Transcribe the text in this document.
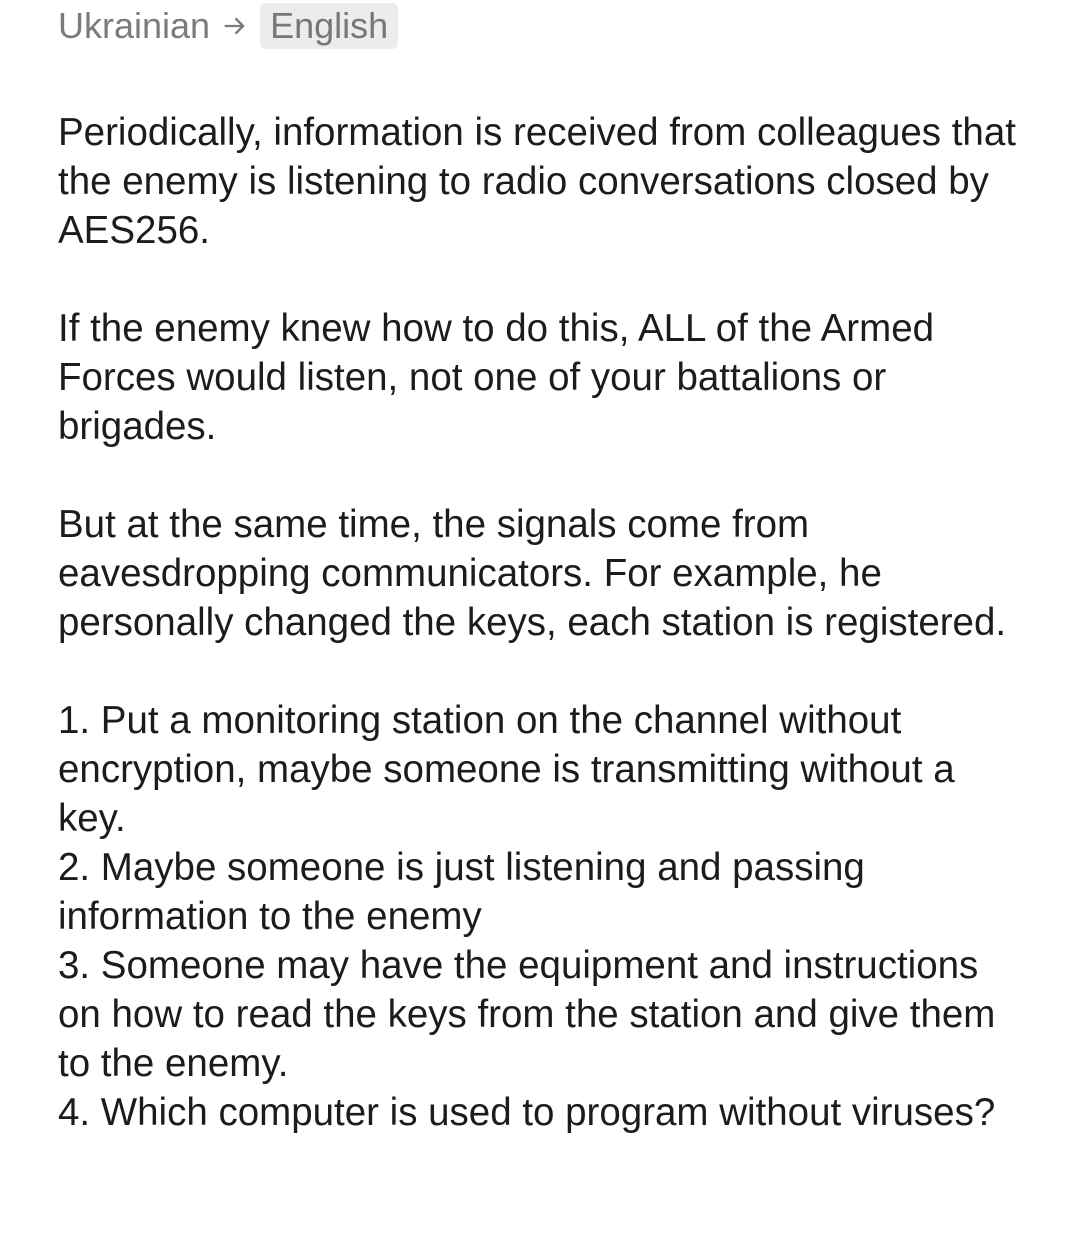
Ukrainian English

Periodically, information is received from colleagues that the enemy is listening to radio conversations closed by AES256.

If the enemy knew how to do this, ALL of the Armed Forces would listen, not one of your battalions or brigades.

But at the same time, the signals come from eavesdropping communicators. For example, he personally changed the keys, each station is registered.

1. Put a monitoring station on the channel without encryption, maybe someone is transmitting without a key.
2. Maybe someone is just listening and passing information to the enemy
3. Someone may have the equipment and instructions on how to read the keys from the station and give them to the enemy.
4. Which computer is used to program without viruses?
